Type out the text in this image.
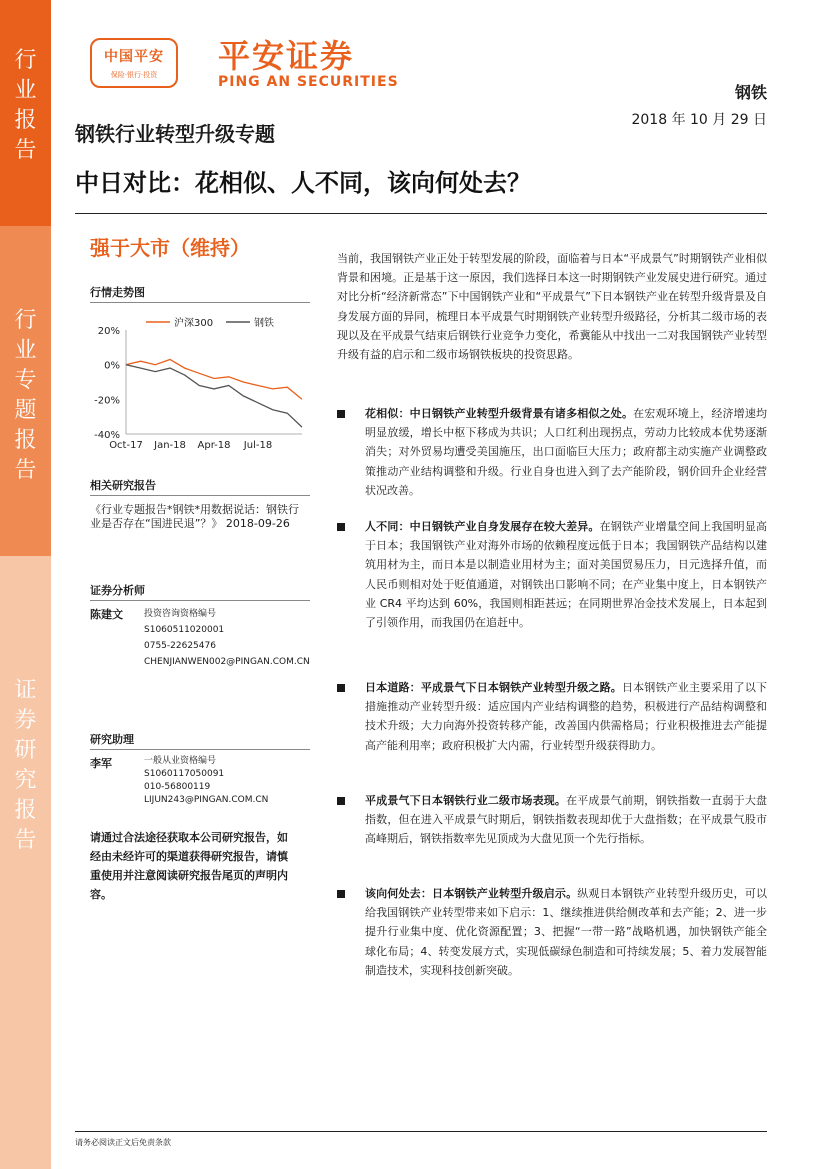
行
业
报
告
行
业
专
题
报
告
证
券
研
究
报
告
中国平安
保险·银行·投资 平安证券
PING AN SECURITIES
钢铁
2018 年 10 月 29 日
钢铁行业转型升级专题
中日对比：花相似、人不同，该向何处去？
强于大市（维持）
行情走势图
20%
0%
-20%
-40%
Oct-17 Jan-18 Apr-18 Jul-18
沪深300	钢铁
相关研究报告
《行业专题报告*钢铁*用数据说话：钢铁行业是否存在“国进民退”？》 2018-09-26
证券分析师
陈建文 投资咨询资格编号
S1060511020001
0755-22625476
CHENJIANWEN002@PINGAN.COM.CN
研究助理
李军	一般从业资格编号
S1060117050091
010-56800119
LIJUN243@PINGAN.COM.CN
请通过合法途径获取本公司研究报告，如经由未经许可的渠道获得研究报告，请慎重使用并注意阅读研究报告尾页的声明内容。
当前，我国钢铁产业正处于转型发展的阶段，面临着与日本“平成景气”时期钢铁产业相似背景和困境。正是基于这一原因，我们选择日本这一时期钢铁产业发展史进行研究。通过对比分析“经济新常态”下中国钢铁产业和“平成景气”下日本钢铁产业在转型升级背景及自身发展方面的异同，梳理日本平成景气时期钢铁产业转型升级路径，分析其二级市场的表现以及在平成景气结束后钢铁行业竞争力变化，希冀能从中找出一二对我国钢铁产业转型升级有益的启示和二级市场钢铁板块的投资思路。
花相似：中日钢铁产业转型升级背景有诸多相似之处。在宏观环境上，经济增速均明显放缓，增长中枢下移成为共识；人口红利出现拐点，劳动力比较成本优势逐渐消失；对外贸易均遭受美国施压，出口面临巨大压力；政府都主动实施产业调整政策推动产业结构调整和升级。行业自身也进入到了去产能阶段，钢价回升企业经营状况改善。
人不同：中日钢铁产业自身发展存在较大差异。在钢铁产业增量空间上我国明显高于日本；我国钢铁产业对海外市场的依赖程度远低于日本；我国钢铁产品结构以建筑用材为主，而日本是以制造业用材为主；面对美国贸易压力，日元选择升值，而人民币则相对处于贬值通道，对钢铁出口影响不同；在产业集中度上，日本钢铁产业 CR4 平均达到 60%，我国则相距甚远；在同期世界冶金技术发展上，日本起到了引领作用，而我国仍在追赶中。
日本道路：平成景气下日本钢铁产业转型升级之路。日本钢铁产业主要采用了以下措施推动产业转型升级：适应国内产业结构调整的趋势，积极进行产品结构调整和技术升级；大力向海外投资转移产能，改善国内供需格局；行业积极推进去产能提高产能利用率；政府积极扩大内需，行业转型升级获得助力。
平成景气下日本钢铁行业二级市场表现。在平成景气前期，钢铁指数一直弱于大盘指数，但在进入平成景气时期后，钢铁指数表现却优于大盘指数；在平成景气股市高峰期后，钢铁指数率先见顶成为大盘见顶一个先行指标。
该向何处去：日本钢铁产业转型升级启示。纵观日本钢铁产业转型升级历史，可以给我国钢铁产业转型带来如下启示：1、继续推进供给侧改革和去产能；2、进一步提升行业集中度、优化资源配置；3、把握“一带一路”战略机遇，加快钢铁产能全球化布局；4、转变发展方式，实现低碳绿色制造和可持续发展；5、着力发展智能制造技术，实现科技创新突破。
请务必阅读正文后免责条款
